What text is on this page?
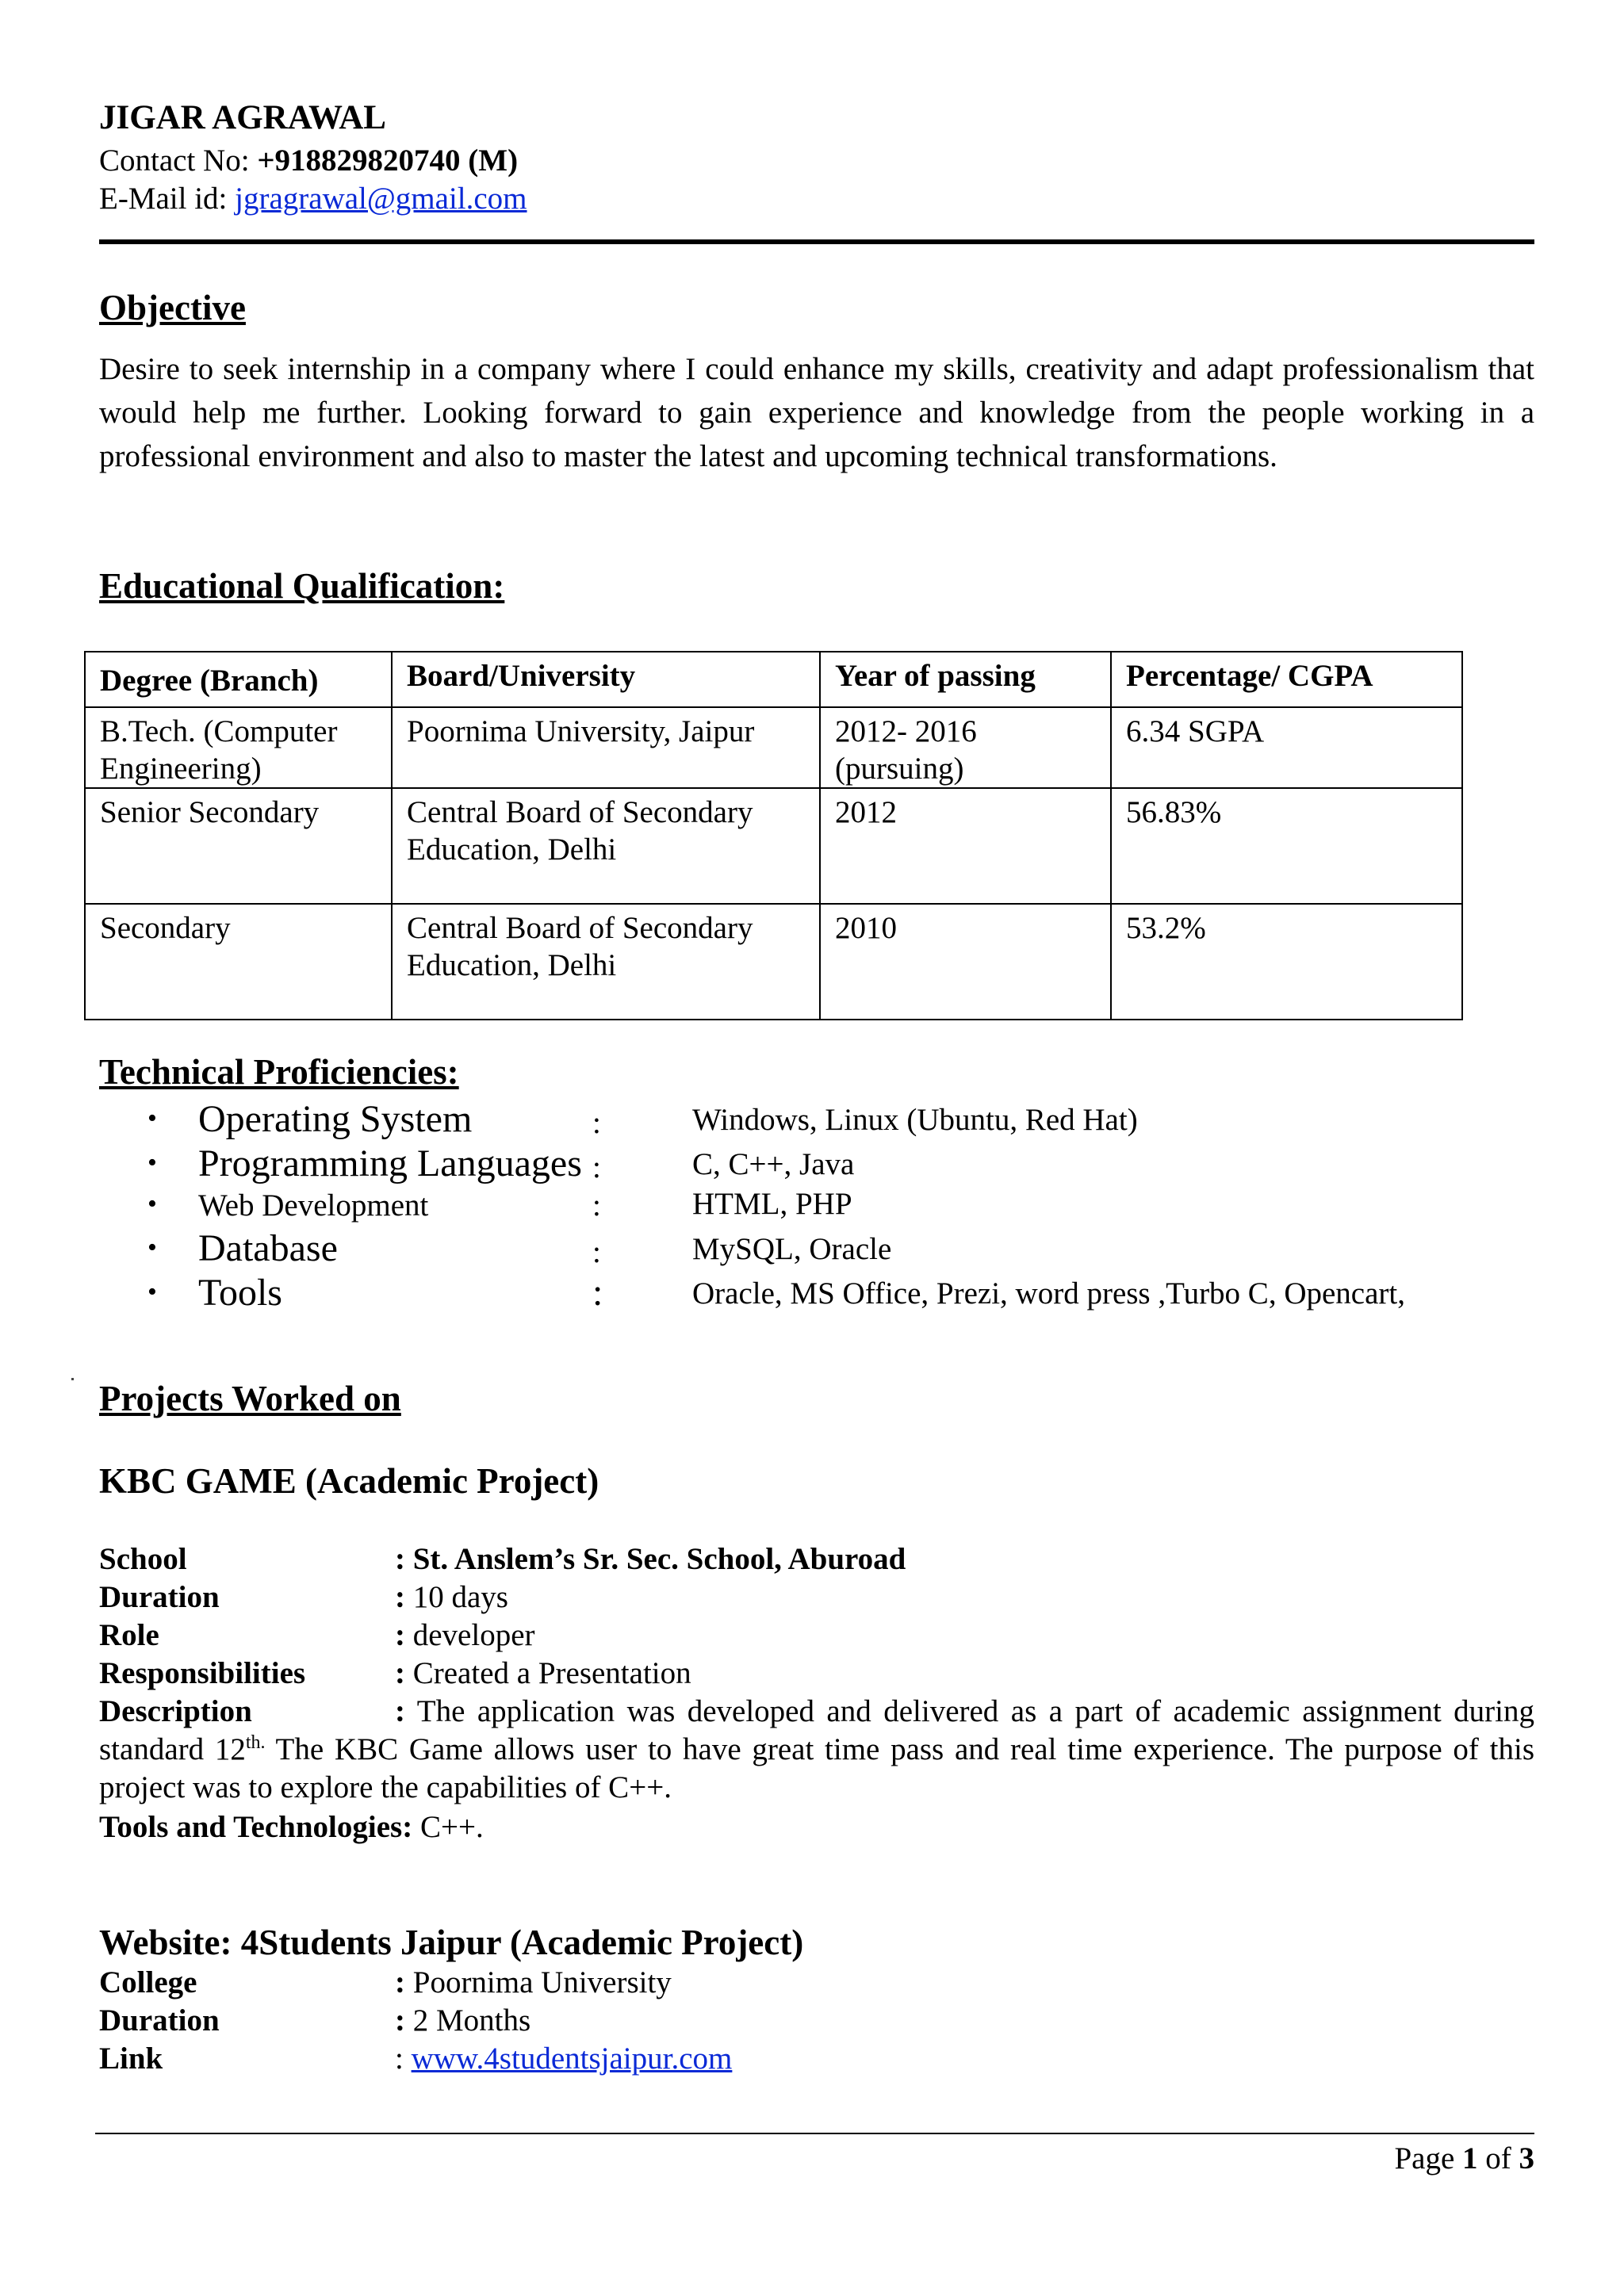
JIGAR AGRAWAL
Contact No: +918829820740 (M)
E-Mail id: jgragrawal@gmail.com
Objective
Desire to seek internship in a company where I could enhance my skills, creativity and adapt professionalism that would help me further. Looking forward to gain experience and knowledge from the people working in a professional environment and also to master the latest and upcoming technical transformations.
Educational Qualification:
Degree (Branch)	Board/University	Year of passing	Percentage/ CGPA
B.Tech. (Computer Engineering)	Poornima University, Jaipur	2012- 2016 (pursuing)	6.34 SGPA
Senior Secondary	Central Board of Secondary Education, Delhi	2012	56.83%
Secondary	Central Board of Secondary Education, Delhi	2010	53.2%
Technical Proficiencies:
• Operating System	:	Windows, Linux (Ubuntu, Red Hat)
• Programming Languages :	C, C++, Java
• Web Development	:	HTML, PHP
• Database	:	MySQL, Oracle
• Tools	:	Oracle, MS Office, Prezi, word press ,Turbo C, Opencart,
Projects Worked on
KBC GAME (Academic Project)
School	: St. Anslem’s Sr. Sec. School, Aburoad
Duration	: 10 days
Role	: developer
Responsibilities	: Created a Presentation
Description	: The application was developed and delivered as a part of academic assignment during standard $12^{th.}$ The KBC Game allows user to have great time pass and real time experience. The purpose of this project was to explore the capabilities of C++.
Tools and Technologies: C++.
Website: 4Students Jaipur (Academic Project)
College	: Poornima University
Duration	: 2 Months
Link	: www.4studentsjaipur.com
Page 1 of 3
